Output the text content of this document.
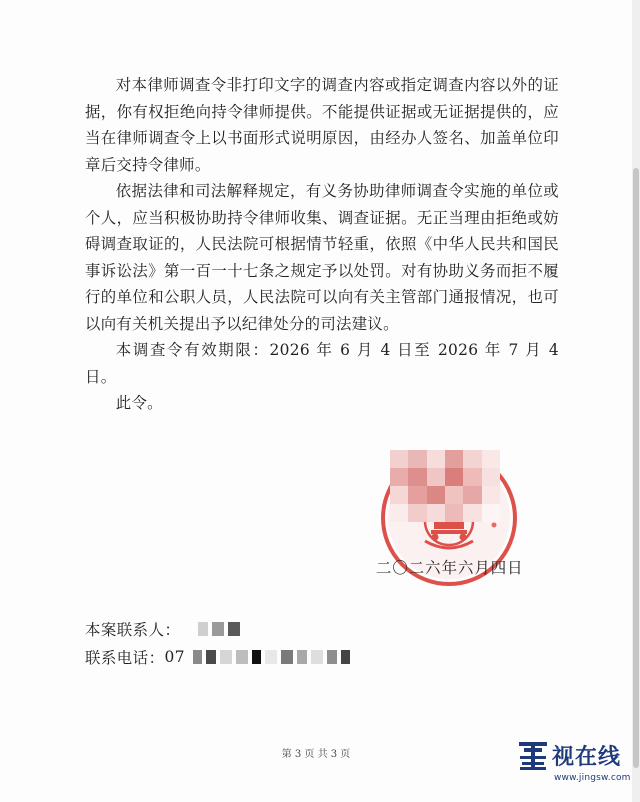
对本律师调查令非打印文字的调查内容或指定调查内容以外的证据，你有权拒绝向持令律师提供。不能提供证据或无证据提供的，应当在律师调查令上以书面形式说明原因，由经办人签名、加盖单位印章后交持令律师。

依据法律和司法解释规定，有义务协助律师调查令实施的单位或个人，应当积极协助持令律师收集、调查证据。无正当理由拒绝或妨碍调查取证的，人民法院可根据情节轻重，依照《中华人民共和国民事诉讼法》第一百一十七条之规定予以处罚。对有协助义务而拒不履行的单位和公职人员，人民法院可以向有关主管部门通报情况，也可以向有关机关提出予以纪律处分的司法建议。

本调查令有效期限：2026 年 6 月 4 日至 2026 年 7 月 4 日。

此令。

二〇二六年六月四日
本案联系人：
联系电话： 07
第 3 页 共 3 页	视在线
www.jingsw.com
